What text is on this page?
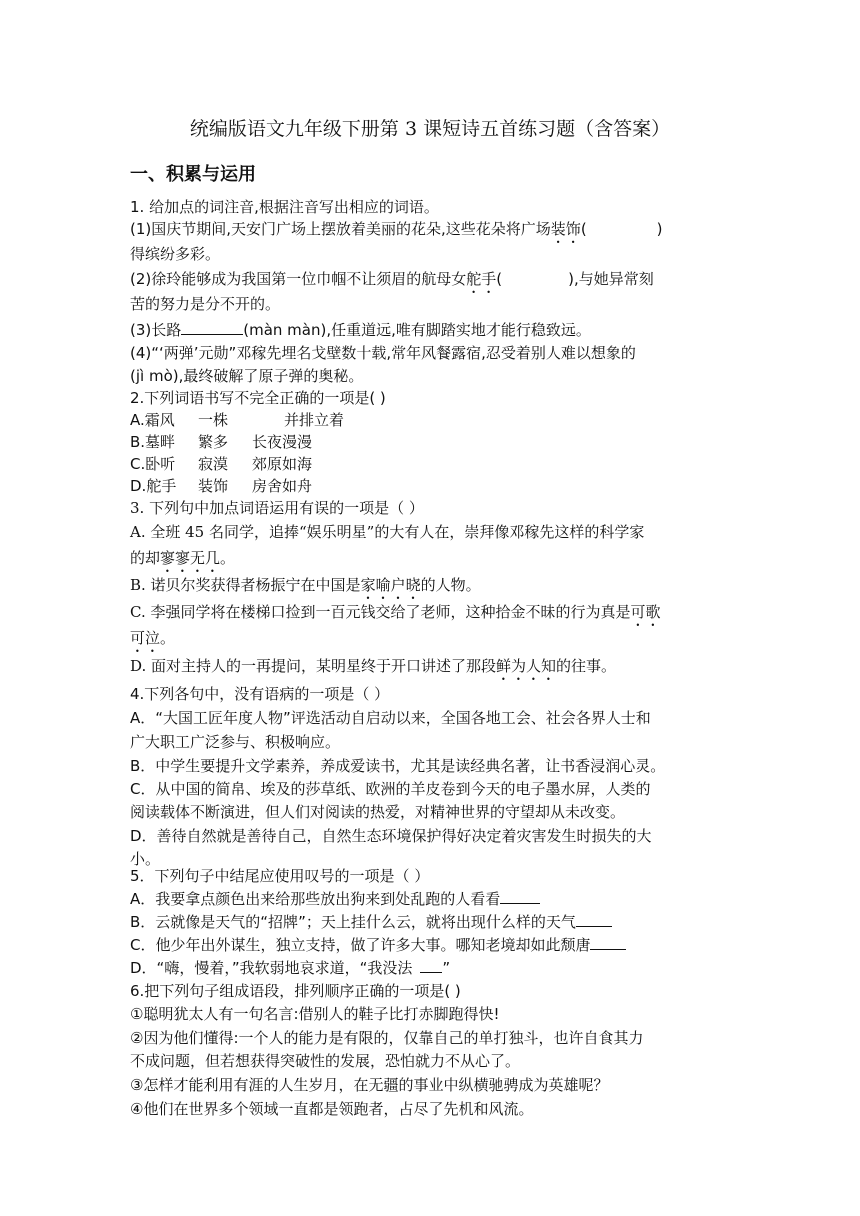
统编版语文九年级下册第 3 课短诗五首练习题（含答案）
一、积累与运用
1. 给加点的词注音,根据注音写出相应的词语。
(1)国庆节期间,天安门广场上摆放着美丽的花朵,这些花朵将广场装饰(	)
得缤纷多彩。
(2)徐玲能够成为我国第一位巾帼不让须眉的航母女舵手(	),与她异常刻
苦的努力是分不开的。
(3)长路	(màn màn),任重道远,唯有脚踏实地才能行稳致远。
(4)“‘两弹’元勋”邓稼先埋名戈壁数十载,常年风餐露宿,忍受着别人难以想象的
(jì mò),最终破解了原子弹的奥秘。
2.下列词语书写不完全正确的一项是( )
A.霜风 一株	并排立着
B.墓畔 繁多 长夜漫漫
C.卧听 寂漠 郊原如海
D.舵手 装饰 房舍如舟
3. 下列句中加点词语运用有误的一项是（ ）
A. 全班 45 名同学，追捧“娱乐明星”的大有人在，崇拜像邓稼先这样的科学家
的却寥寥无几。
B. 诺贝尔奖获得者杨振宁在中国是家喻户晓的人物。
C. 李强同学将在楼梯口捡到一百元钱交给了老师，这种拾金不昧的行为真是可歌
可泣。
D. 面对主持人的一再提问，某明星终于开口讲述了那段鲜为人知的往事。
4.下列各句中，没有语病的一项是（ ）
A．“大国工匠年度人物”评选活动自启动以来，全国各地工会、社会各界人士和
广大职工广泛参与、积极响应。
B．中学生要提升文学素养，养成爱读书，尤其是读经典名著，让书香浸润心灵。
C．从中国的简帛、埃及的莎草纸、欧洲的羊皮卷到今天的电子墨水屏，人类的
阅读载体不断演进，但人们对阅读的热爱，对精神世界的守望却从未改变。
D．善待自然就是善待自己，自然生态环境保护得好决定着灾害发生时损失的大
小。
5．下列句子中结尾应使用叹号的一项是（ ）
A．我要拿点颜色出来给那些放出狗来到处乱跑的人看看
B．云就像是天气的“招牌”；天上挂什么云，就将出现什么样的天气
C．他少年出外谋生，独立支持，做了许多大事。哪知老境却如此颓唐
D．“嗨，慢着，”我软弱地哀求道，“我没法 ”
6.把下列句子组成语段，排列顺序正确的一项是( )
①聪明犹太人有一句名言:借别人的鞋子比打赤脚跑得快!
②因为他们懂得:一个人的能力是有限的，仅靠自己的单打独斗，也许自食其力
不成问题，但若想获得突破性的发展，恐怕就力不从心了。
③怎样才能利用有涯的人生岁月，在无疆的事业中纵横驰骋成为英雄呢？
④他们在世界多个领域一直都是领跑者，占尽了先机和风流。
